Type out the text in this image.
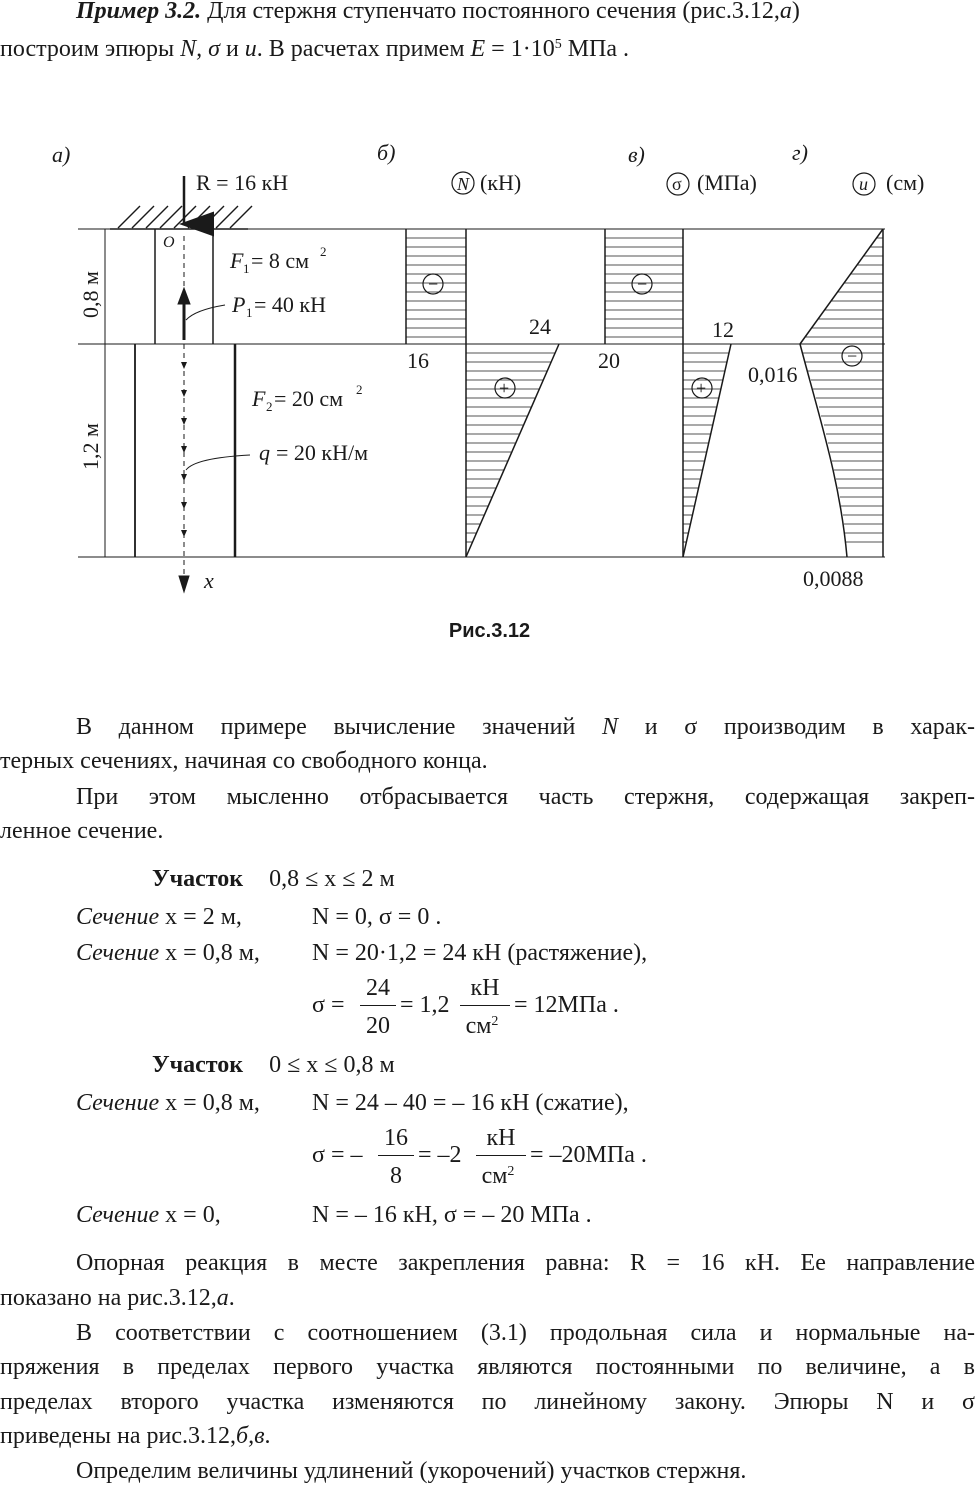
Пример 3.2. Для стержня ступенчато постоянного сечения (рис.3.12,а)
построим эпюры N, σ и u. В расчетах примем $E = 1\cdot 10^5$ МПа .
а)	б)	в)	г)
R = 16 кН	N (кН)	σ (МПа)	u (см)
0,8 м
1,2 м
O
F 1 = 8 см 2
P 1 = 40 кН
F 2 = 20 см 2
q = 20 кН/м
x
−
+
−
+
−
16
24
20
12
0,016
0,0088
Рис.3.12
В данном примере вычисление значений N и σ производим в харак-
терных сечениях, начиная со свободного конца.
При этом мысленно отбрасывается часть стержня, содержащая закреп-
ленное сечение.
Участок 0,8 ≤ x ≤ 2 м
Сечение x = 2 м,	N = 0, σ = 0 .
Сечение x = 0,8 м, N = 20·1,2 = 24 кН (растяжение),
σ =
24
20
= 1,2
кН
$см^2$
= 12МПа .
Участок 0 ≤ x ≤ 0,8 м
Сечение x = 0,8 м, N = 24 – 40 = – 16 кН (сжатие),
σ = –
16
8
= –2
кН
$см^2$
= –20МПа .
Сечение x = 0,	N = – 16 кН, σ = – 20 МПа .
Опорная реакция в месте закрепления равна: R = 16 кН. Ее направление
показано на рис.3.12,а.
В соответствии с соотношением (3.1) продольная сила и нормальные на-
пряжения в пределах первого участка являются постоянными по величине, а в
пределах второго участка изменяются по линейному закону. Эпюры N и σ
приведены на рис.3.12,б,в.
Определим величины удлинений (укорочений) участков стержня.
